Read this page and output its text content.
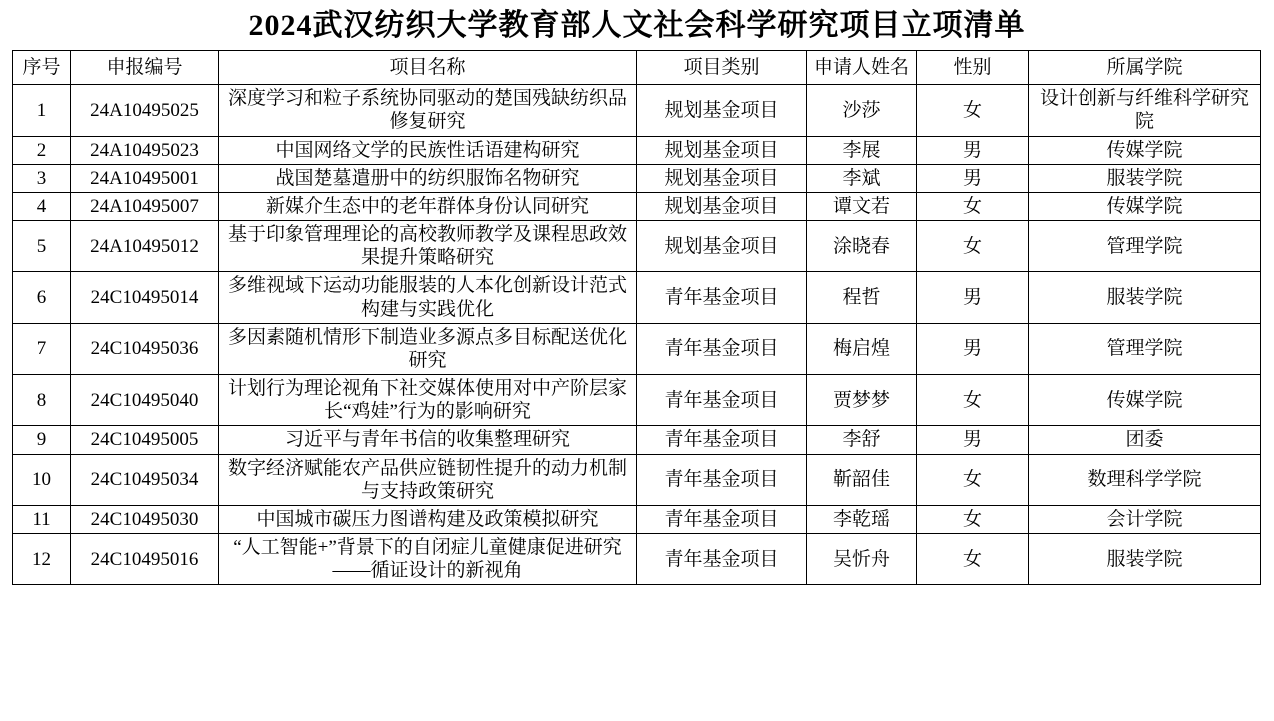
2024武汉纺织大学教育部人文社会科学研究项目立项清单
序号	申报编号	项目名称	项目类别	申请人姓名	性别	所属学院
1	24A10495025	深度学习和粒子系统协同驱动的楚国残缺纺织品修复研究	规划基金项目	沙莎	女	设计创新与纤维科学研究院
2	24A10495023	中国网络文学的民族性话语建构研究	规划基金项目	李展	男	传媒学院
3	24A10495001	战国楚墓遣册中的纺织服饰名物研究	规划基金项目	李斌	男	服装学院
4	24A10495007	新媒介生态中的老年群体身份认同研究	规划基金项目	谭文若	女	传媒学院
5	24A10495012	基于印象管理理论的高校教师教学及课程思政效果提升策略研究	规划基金项目	涂晓春	女	管理学院
6	24C10495014	多维视域下运动功能服装的人本化创新设计范式构建与实践优化	青年基金项目	程哲	男	服装学院
7	24C10495036	多因素随机情形下制造业多源点多目标配送优化研究	青年基金项目	梅启煌	男	管理学院
8	24C10495040	计划行为理论视角下社交媒体使用对中产阶层家长“鸡娃”行为的影响研究	青年基金项目	贾梦梦	女	传媒学院
9	24C10495005	习近平与青年书信的收集整理研究	青年基金项目	李舒	男	团委
10	24C10495034	数字经济赋能农产品供应链韧性提升的动力机制与支持政策研究	青年基金项目	靳韶佳	女	数理科学学院
11	24C10495030	中国城市碳压力图谱构建及政策模拟研究	青年基金项目	李乾瑶	女	会计学院
12	24C10495016	“人工智能+”背景下的自闭症儿童健康促进研究——循证设计的新视角	青年基金项目	吴忻舟	女	服装学院
